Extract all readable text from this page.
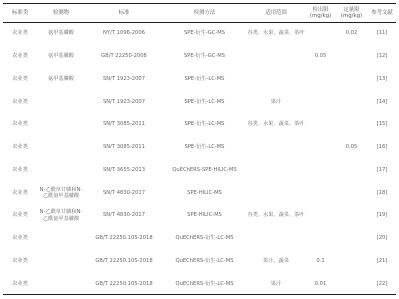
标准类	检测物	标准	检测方法	适用范围	检出限 (mg/kg)	定量限 (mg/kg)	参考文献
农业类	氨甲基膦酸	NY/T 1096-2006	SPE-衍生-GC-MS	谷类、水果、蔬菜、茶叶		0.02	[11]
农业类	氨甲基膦酸	GB/T 22250-2008	SPE-衍生-GC-MS		0.05		[12]
农业类	氨甲基膦酸	SN/T 1923-2007	SPE-衍生-LC-MS				[13]
农业类		SN/T 1923-2007	SPE-衍生-LC-MS	果汁			[14]
农业类		SN/T 3085-2011	SPE-衍生-LC-MS	谷类、水果、蔬菜、茶叶			[15]
农业类		SN/T 3085-2011	SPE-衍生-LC-MS			0.05	[16]
农业类		SN/T 3655-2013	QuEChERS-SPE-HILIC-MS				[17]
农业类	N-乙酰草甘膦和N-乙酰氨甲基膦酸	SN/T 4830-2017	SPE-HILIC-MS				[18]
农业类	N-乙酰草甘膦和N-乙酰氨甲基膦酸	SN/T 4830-2017	SPE-HILIC-MS	谷类、水果、蔬菜、茶叶			[19]
农业类		GB/T 22250.105-2018	QuEChERS-衍生-LC-MS				[20]
农业类		GB/T 22250.105-2018	QuEChERS-衍生-LC-MS	果汁、蔬菜	0.1		[21]
农业类		GB/T 22250.105-2018	QuEChERS-衍生-LC-MS	果汁	0.01		[22]
